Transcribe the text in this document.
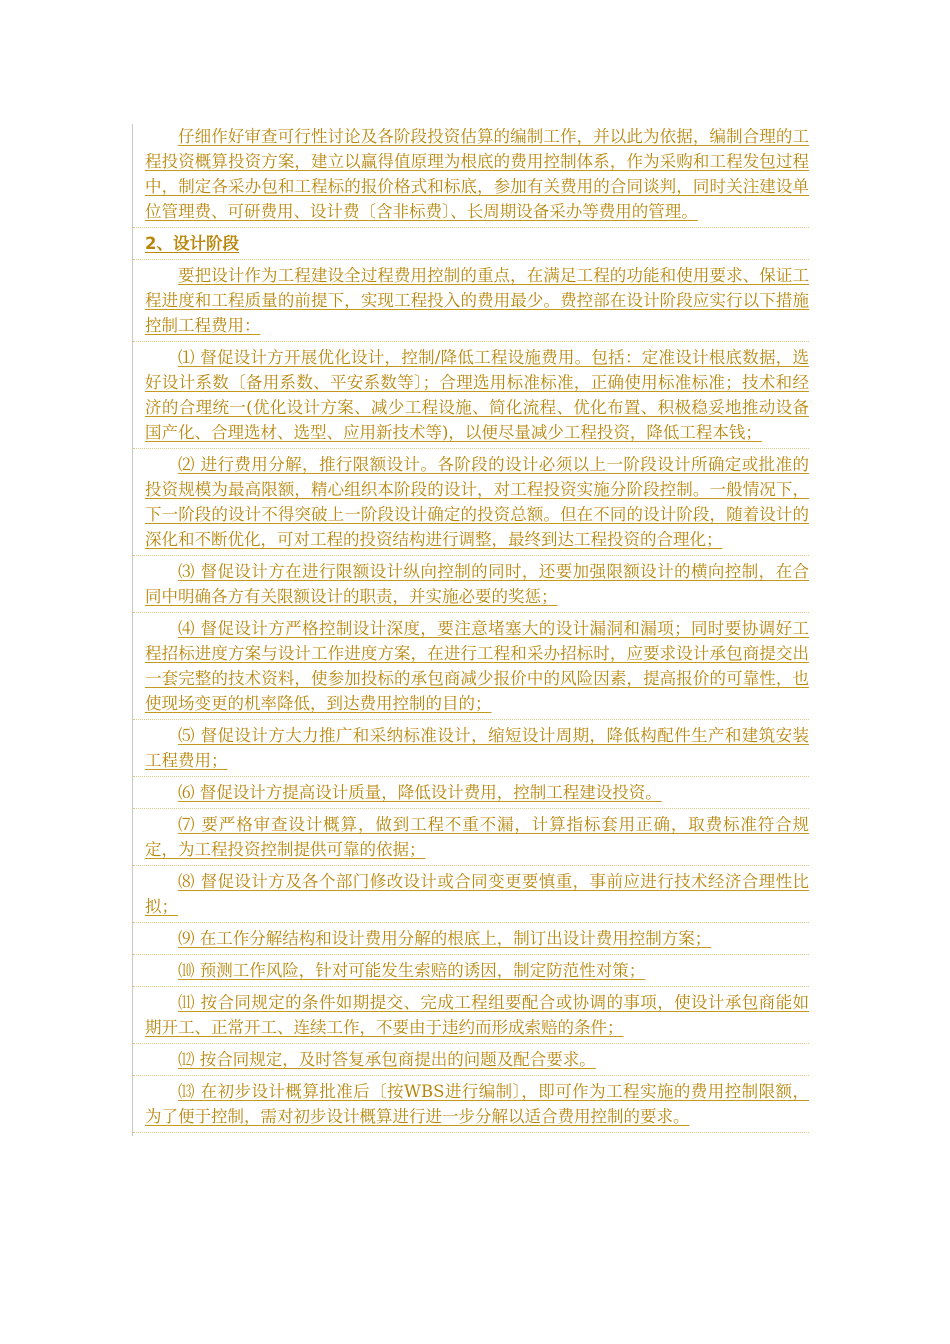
仔细作好审查可行性讨论及各阶段投资估算的编制工作，并以此为依据，编制合理的工程投资概算投资方案，建立以赢得值原理为根底的费用控制体系，作为采购和工程发包过程中，制定各采办包和工程标的报价格式和标底，参加有关费用的合同谈判，同时关注建设单位管理费、可研费用、设计费〔含非标费〕、长周期设备采办等费用的管理。

2、设计阶段

要把设计作为工程建设全过程费用控制的重点，在满足工程的功能和使用要求、保证工程进度和工程质量的前提下，实现工程投入的费用最少。费控部在设计阶段应实行以下措施控制工程费用：

⑴ 督促设计方开展优化设计，控制/降低工程设施费用。包括：定准设计根底数据，选好设计系数〔备用系数、平安系数等〕；合理选用标准标准，正确使用标准标准；技术和经济的合理统一(优化设计方案、减少工程设施、简化流程、优化布置、积极稳妥地推动设备国产化、合理选材、选型、应用新技术等)，以便尽量减少工程投资，降低工程本钱；

⑵ 进行费用分解，推行限额设计。各阶段的设计必须以上一阶段设计所确定或批准的投资规模为最高限额，精心组织本阶段的设计，对工程投资实施分阶段控制。一般情况下，下一阶段的设计不得突破上一阶段设计确定的投资总额。但在不同的设计阶段，随着设计的深化和不断优化，可对工程的投资结构进行调整，最终到达工程投资的合理化；

⑶ 督促设计方在进行限额设计纵向控制的同时，还要加强限额设计的横向控制，在合同中明确各方有关限额设计的职责，并实施必要的奖惩；

⑷ 督促设计方严格控制设计深度，要注意堵塞大的设计漏洞和漏项；同时要协调好工程招标进度方案与设计工作进度方案，在进行工程和采办招标时，应要求设计承包商提交出一套完整的技术资料，使参加投标的承包商减少报价中的风险因素，提高报价的可靠性，也使现场变更的机率降低，到达费用控制的目的；

⑸ 督促设计方大力推广和采纳标准设计，缩短设计周期，降低构配件生产和建筑安装工程费用；

⑹ 督促设计方提高设计质量，降低设计费用，控制工程建设投资。

⑺ 要严格审查设计概算，做到工程不重不漏，计算指标套用正确，取费标准符合规定，为工程投资控制提供可靠的依据；

⑻ 督促设计方及各个部门修改设计或合同变更要慎重，事前应进行技术经济合理性比拟；

⑼ 在工作分解结构和设计费用分解的根底上，制订出设计费用控制方案；

⑽ 预测工作风险，针对可能发生索赔的诱因，制定防范性对策；

⑾ 按合同规定的条件如期提交、完成工程组要配合或协调的事项，使设计承包商能如期开工、正常开工、连续工作，不要由于违约而形成索赔的条件；

⑿ 按合同规定，及时答复承包商提出的问题及配合要求。

⒀ 在初步设计概算批准后〔按WBS进行编制〕，即可作为工程实施的费用控制限额，为了便于控制，需对初步设计概算进行进一步分解以适合费用控制的要求。
